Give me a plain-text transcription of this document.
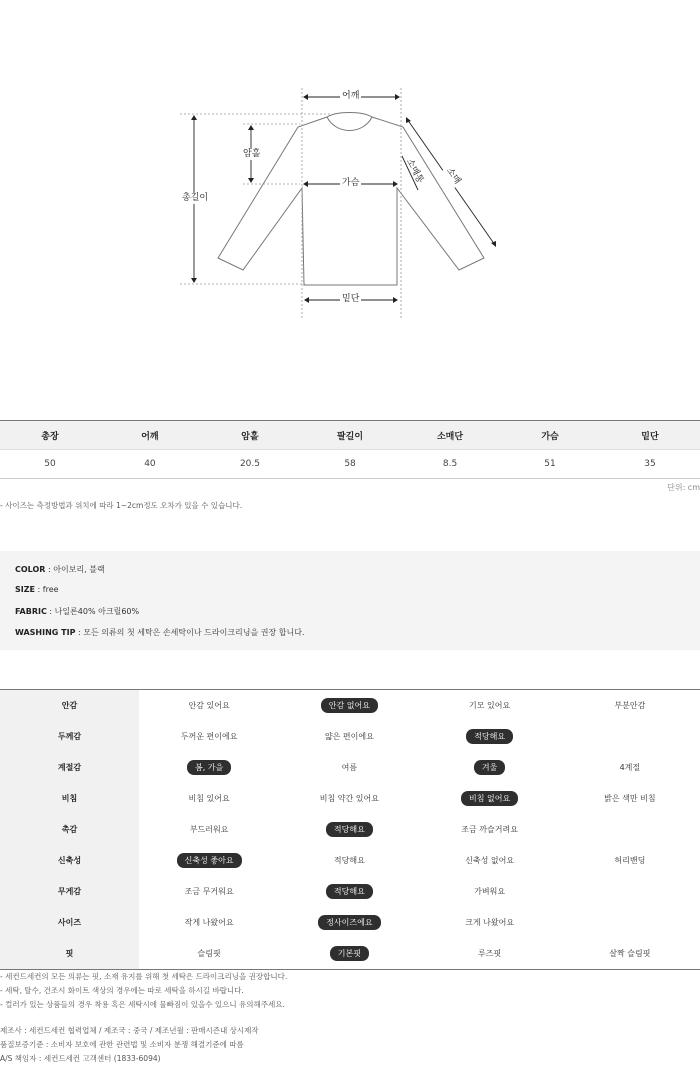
어깨
암홀
가슴
총길이
밑단
소매통 소매
총장	어깨	암홀	팔길이	소매단	가슴	밑단
50	40	20.5	58	8.5	51	35
단위: cm
- 사이즈는 측정방법과 위치에 따라 1~2cm정도 오차가 있을 수 있습니다.
COLOR : 아이보리, 블랙
SIZE : free
FABRIC : 나일론40% 아크릴60%
WASHING TIP : 모든 의류의 첫 세탁은 손세탁이나 드라이크리닝을 권장 합니다.
안감	안감 있어요	안감 없어요	기모 있어요	부분안감
두께감	두꺼운 편이에요	얇은 편이에요	적당해요	
계절감	봄, 가을	여름	겨울	4계절
비침	비침 있어요	비침 약간 있어요	비침 없어요	밝은 색만 비침
촉감	부드러워요	적당해요	조금 까슬거려요	
신축성	신축성 좋아요	적당해요	신축성 없어요	허리밴딩
무게감	조금 무거워요	적당해요	가벼워요	
사이즈	작게 나왔어요	정사이즈에요	크게 나왔어요	
핏	슬림핏	기본핏	루즈핏	살짝 슬림핏
- 세컨드세컨의 모든 의류는 핏, 소재 유지를 위해 첫 세탁은 드라이크리닝을 권장합니다.
- 세탁, 탈수, 건조시 화이트 색상의 경우에는 따로 세탁을 하시길 바랍니다.
- 컬러가 있는 상품들의 경우 착용 혹은 세탁시에 물빠짐이 있을수 있으니 유의해주세요.
제조사 : 세컨드세컨 협력업체 / 제조국 : 중국 / 제조년월 : 판매시즌내 상시제작
품질보증기준 : 소비자 보호에 관한 관련법 및 소비자 분쟁 해결기준에 따름
A/S 책임자 : 세컨드세컨 고객센터 (1833-6094)
